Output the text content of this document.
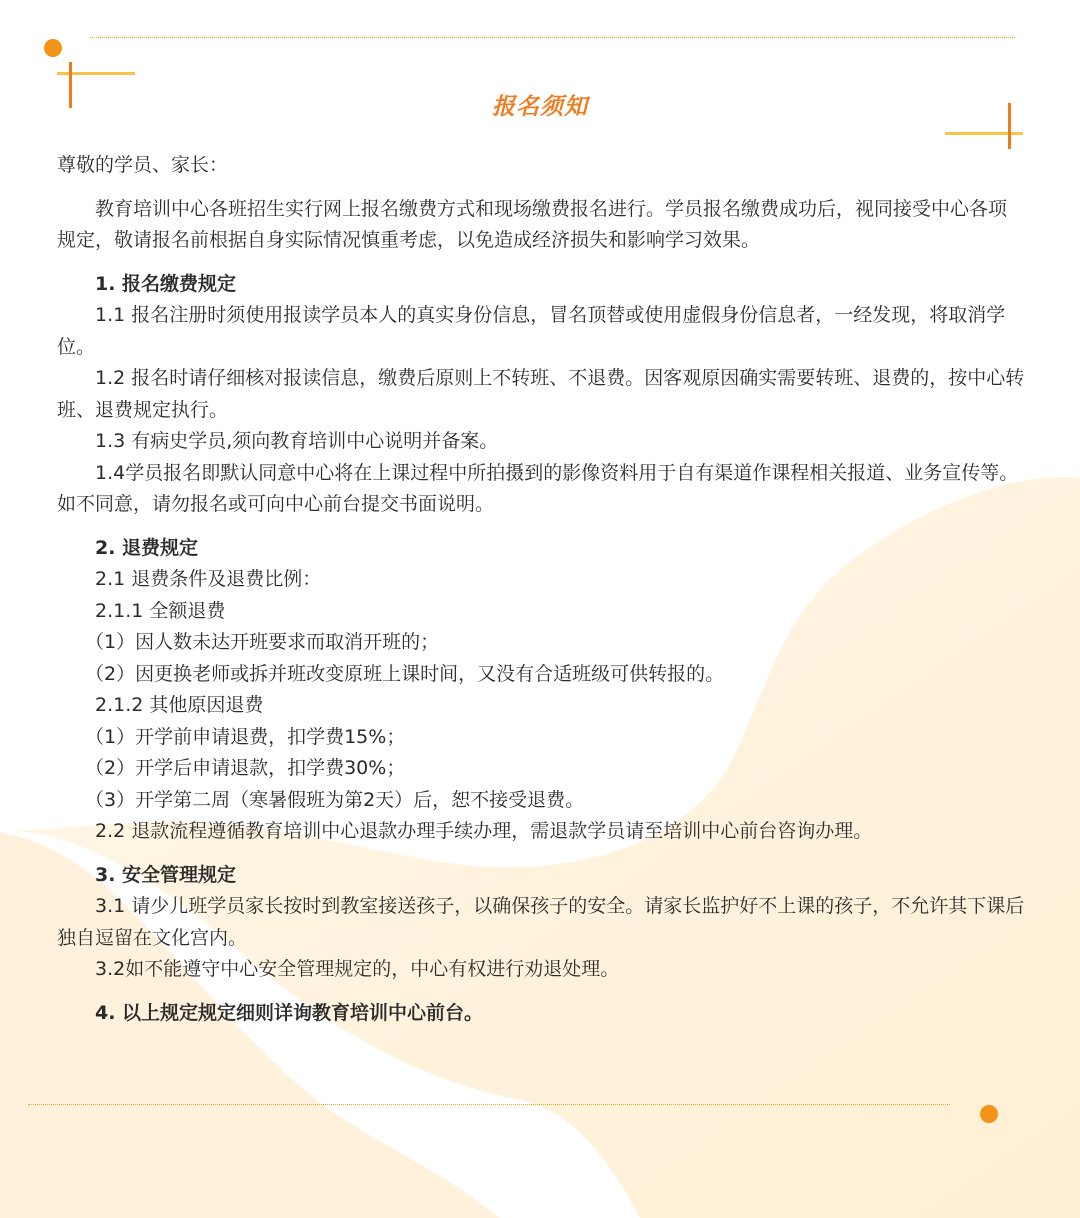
报名须知

尊敬的学员、家长：

教育培训中心各班招生实行网上报名缴费方式和现场缴费报名进行。学员报名缴费成功后，视同接受中心各项规定，敬请报名前根据自身实际情况慎重考虑，以免造成经济损失和影响学习效果。

1. 报名缴费规定

1.1 报名注册时须使用报读学员本人的真实身份信息，冒名顶替或使用虚假身份信息者，一经发现，将取消学位。

1.2 报名时请仔细核对报读信息，缴费后原则上不转班、不退费。因客观原因确实需要转班、退费的，按中心转班、退费规定执行。

1.3 有病史学员,须向教育培训中心说明并备案。

1.4学员报名即默认同意中心将在上课过程中所拍摄到的影像资料用于自有渠道作课程相关报道、业务宣传等。如不同意，请勿报名或可向中心前台提交书面说明。

2. 退费规定

2.1 退费条件及退费比例：

2.1.1 全额退费

（1）因人数未达开班要求而取消开班的；

（2）因更换老师或拆并班改变原班上课时间，又没有合适班级可供转报的。

2.1.2 其他原因退费

（1）开学前申请退费，扣学费15%；

（2）开学后申请退款，扣学费30%；

（3）开学第二周（寒暑假班为第2天）后，恕不接受退费。

2.2 退款流程遵循教育培训中心退款办理手续办理，需退款学员请至培训中心前台咨询办理。

3. 安全管理规定

3.1 请少儿班学员家长按时到教室接送孩子，以确保孩子的安全。请家长监护好不上课的孩子，不允许其下课后独自逗留在文化宫内。

3.2如不能遵守中心安全管理规定的，中心有权进行劝退处理。

4. 以上规定规定细则详询教育培训中心前台。
